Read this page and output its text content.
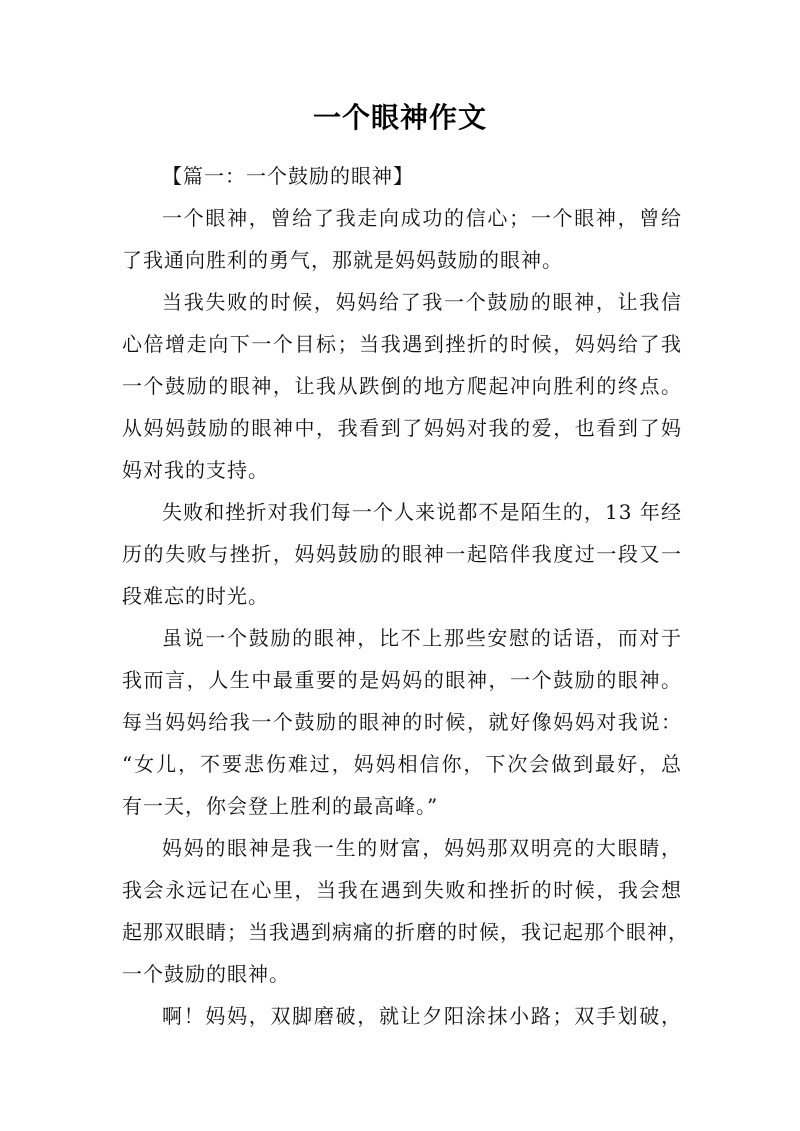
一个眼神作文
【篇一：一个鼓励的眼神】
一个眼神，曾给了我走向成功的信心；一个眼神，曾给
了我通向胜利的勇气，那就是妈妈鼓励的眼神。
当我失败的时候，妈妈给了我一个鼓励的眼神，让我信
心倍增走向下一个目标；当我遇到挫折的时候，妈妈给了我
一个鼓励的眼神，让我从跌倒的地方爬起冲向胜利的终点。
从妈妈鼓励的眼神中，我看到了妈妈对我的爱，也看到了妈
妈对我的支持。
失败和挫折对我们每一个人来说都不是陌生的，13 年经
历的失败与挫折，妈妈鼓励的眼神一起陪伴我度过一段又一
段难忘的时光。
虽说一个鼓励的眼神，比不上那些安慰的话语，而对于
我而言，人生中最重要的是妈妈的眼神，一个鼓励的眼神。
每当妈妈给我一个鼓励的眼神的时候，就好像妈妈对我说：
“女儿，不要悲伤难过，妈妈相信你，下次会做到最好，总
有一天，你会登上胜利的最高峰。”
妈妈的眼神是我一生的财富，妈妈那双明亮的大眼睛，
我会永远记在心里，当我在遇到失败和挫折的时候，我会想
起那双眼睛；当我遇到病痛的折磨的时候，我记起那个眼神，
一个鼓励的眼神。
啊！妈妈，双脚磨破，就让夕阳涂抹小路；双手划破，
